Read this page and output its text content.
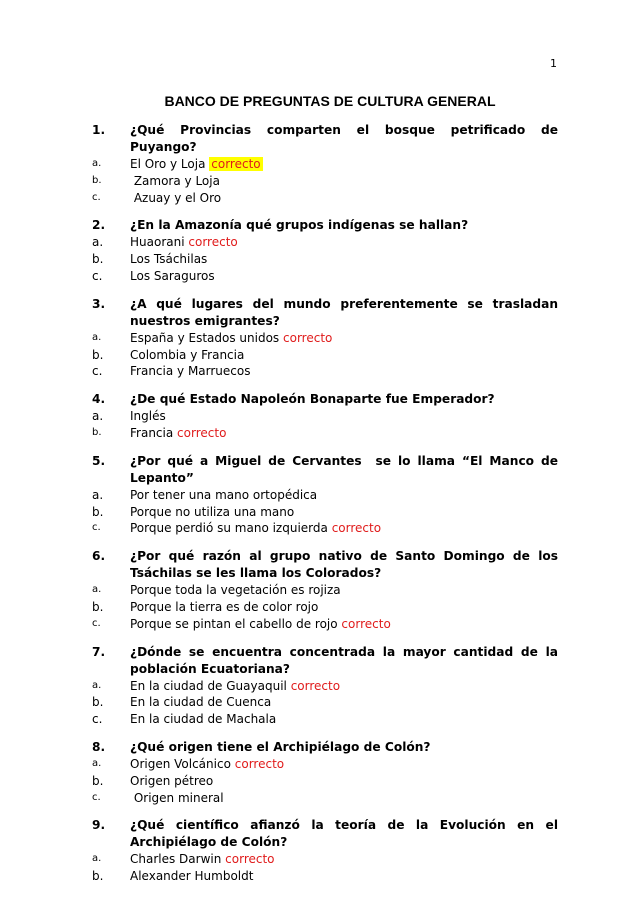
1
BANCO DE PREGUNTAS DE CULTURA GENERAL
1.	¿Qué Provincias comparten el bosque petrificado de Puyango?
a.	El Oro y Loja correcto
b.	Zamora y Loja
c.	Azuay y el Oro
2.	¿En la Amazonía qué grupos indígenas se hallan?
a.	Huaorani correcto
b.	Los Tsáchilas
c.	Los Saraguros
3.	¿A qué lugares del mundo preferentemente se trasladan
nuestros emigrantes?
a.	España y Estados unidos correcto
b.	Colombia y Francia
c.	Francia y Marruecos
4.	¿De qué Estado Napoleón Bonaparte fue Emperador?
a.	Inglés
b.	Francia correcto
5.	¿Por qué a Miguel de Cervantes  se lo llama “El Manco de
Lepanto”
a.	Por tener una mano ortopédica
b.	Porque no utiliza una mano
c.	Porque perdió su mano izquierda correcto
6.	¿Por qué razón al grupo nativo de Santo Domingo de los
Tsáchilas se les llama los Colorados?
a.	Porque toda la vegetación es rojiza
b.	Porque la tierra es de color rojo
c.	Porque se pintan el cabello de rojo correcto
7.	¿Dónde se encuentra concentrada la mayor cantidad de la
población Ecuatoriana?
a.	En la ciudad de Guayaquil correcto
b.	En la ciudad de Cuenca
c.	En la ciudad de Machala
8.	¿Qué origen tiene el Archipiélago de Colón?
a.	Origen Volcánico correcto
b.	Origen pétreo
c.	Origen mineral
9.	¿Qué científico afianzó la teoría de la Evolución en el
Archipiélago de Colón?
a.	Charles Darwin correcto
b.	Alexander Humboldt
